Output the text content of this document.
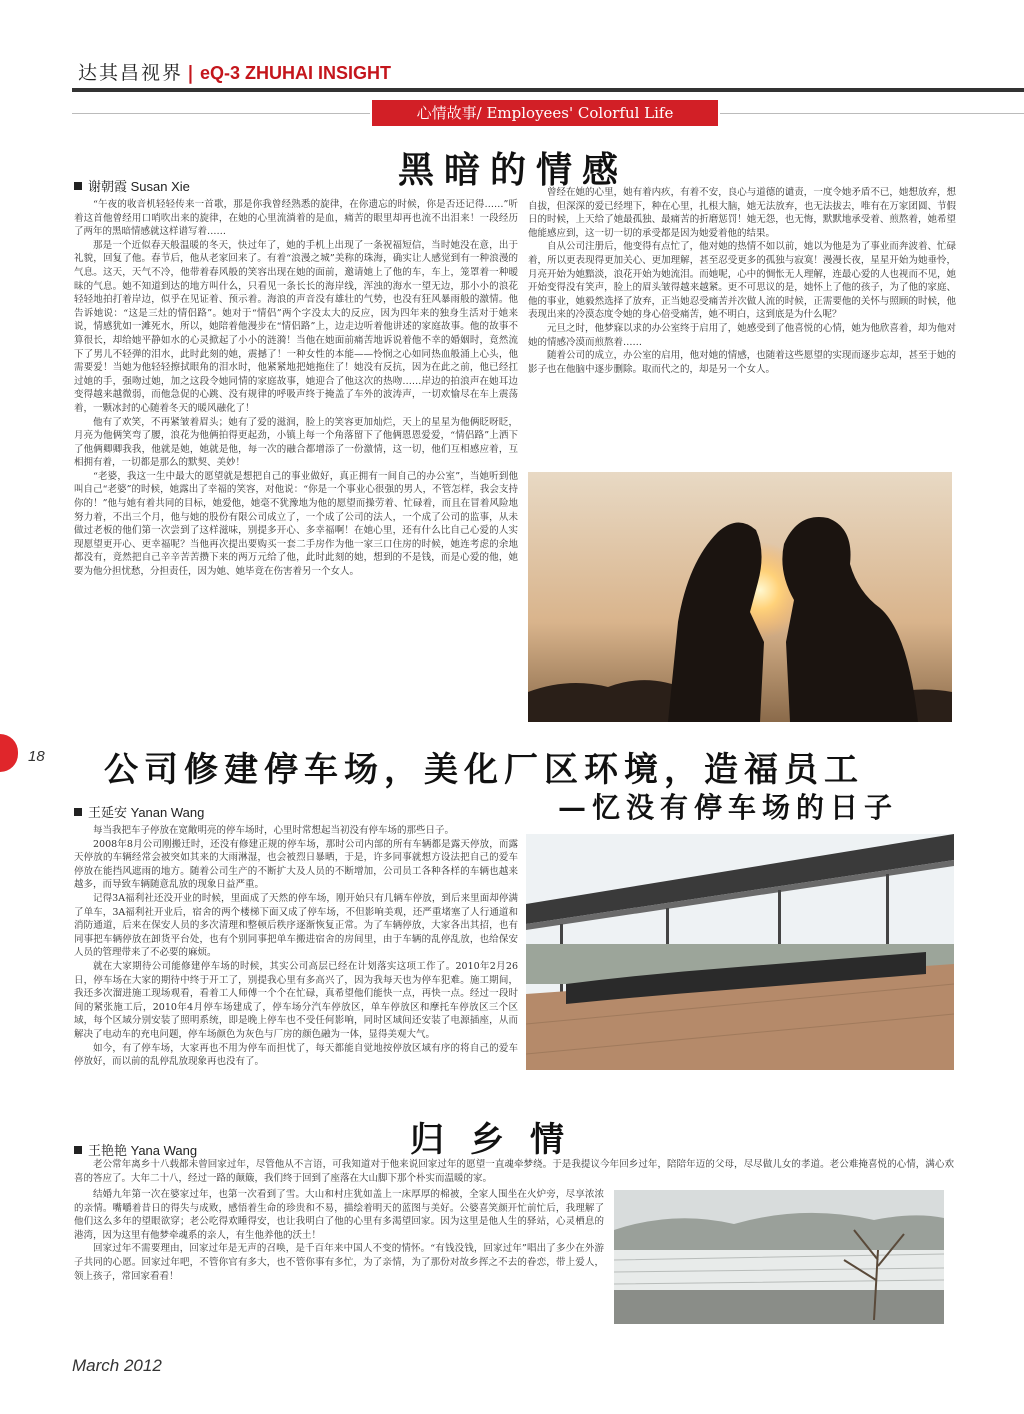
达其昌视界 | eQ-3 ZHUHAI INSIGHT
心情故事/ Employees' Colorful Life
黑暗的情感
谢朝霞 Susan Xie

“午夜的收音机轻轻传来一首歌，那是你我曾经熟悉的旋律，在你遗忘的时候，你是否还记得……”听着这首他曾经用口哨吹出来的旋律，在她的心里流淌着的是血，痛苦的眼里却再也流不出泪来！一段经历了两年的黑暗情感就这样谱写着……

那是一个近似春天般温暖的冬天，快过年了，她的手机上出现了一条祝福短信，当时她没在意，出于礼貌，回复了他。春节后，他从老家回来了。有着“浪漫之城”美称的珠海，确实让人感觉到有一种浪漫的气息。这天，天气不冷，他带着春风般的笑容出现在她的面前，邀请她上了他的车，车上，笼罩着一种暧昧的气息。她不知道到达的地方叫什么，只看见一条长长的海岸线，浑浊的海水一望无边，那小小的浪花轻轻地拍打着岸边，似乎在见证着、预示着。海浪的声音没有雄壮的气势，也没有狂风暴雨般的激情。他告诉她说：“这是三灶的情侣路”。她对于“情侣”两个字没太大的反应，因为四年来的独身生活对于她来说，情感犹如一滩死水，所以，她陪着他漫步在“情侣路”上，边走边听着他讲述的家庭故事。他的故事不算很长，却给她平静如水的心灵掀起了小小的涟漪！当他在她面前痛苦地诉说着他不幸的婚姻时，竟然流下了男儿不轻弹的泪水，此时此刻的她，震撼了！一种女性的本能——怜悯之心如同热血般涌上心头，他需要爱！当她为他轻轻擦拭眼角的泪水时，他紧紧地把她拖住了！她没有反抗，因为在此之前，他已经扛过她的手，强吻过她，加之这段令她同情的家庭故事，她迎合了他这次的热吻……岸边的拍浪声在她耳边变得越来越微弱，而他急促的心跳、没有规律的呼吸声终于掩盖了车外的波涛声，一切欢愉尽在车上震荡着，一颗冰封的心随着冬天的暖风融化了！

他有了欢笑，不再紧皱着眉头；她有了爱的滋润，脸上的笑容更加灿烂，天上的星星为他俩眨呀眨，月亮为他俩笑弯了腰，浪花为他俩拍得更起劲，小镇上每一个角落留下了他俩恩恩爱爱，“情侣路”上洒下了他俩卿卿我我，他就是她，她就是他，每一次的融合都增添了一份激情，这一切，他们互相感应着，互相拥有着，一切都是那么的默契、美妙！

“老婆，我这一生中最大的愿望就是想把自己的事业做好，真正拥有一间自己的办公室”，当她听到他叫自己“老婆”的时候，她露出了幸福的笑容，对他说：“你是一个事业心很强的男人，不管怎样，我会支持你的！”他与她有着共同的目标，她爱他，她毫不犹豫地为他的愿望而操劳着、忙碌着，而且在冒着风险地努力着，不出三个月，他与她的股份有限公司成立了，一个成了公司的法人，一个成了公司的监事，从未做过老板的他们第一次尝到了这样滋味，别提多开心、多幸福啊！在她心里，还有什么比自己心爱的人实现愿望更开心、更幸福呢？当他再次提出要购买一套二手房作为他一家三口住房的时候，她连考虑的余地都没有，竟然把自己辛辛苦苦攒下来的两万元给了他，此时此刻的她，想到的不是钱，而是心爱的他，她要为他分担忧愁，分担责任，因为她、她毕竟在伤害着另一个女人。

曾经在她的心里，她有着内疚，有着不安，良心与道德的谴责，一度令她矛盾不已，她想放弃，想自拔，但深深的爱已经埋下，种在心里，扎根大脑，她无法放弃，也无法拔去，唯有在万家团圆、节假日的时候，上天给了她最孤独、最痛苦的折磨惩罚！她无怨，也无悔，默默地承受着、煎熬着，她希望他能感应到，这一切一切的承受都是因为她爱着他的结果。

自从公司注册后，他变得有点忙了，他对她的热情不如以前，她以为他是为了事业而奔波着、忙碌着，所以更表现得更加关心、更加理解，甚至忍受更多的孤独与寂寞！漫漫长夜，星星开始为她垂怜，月亮开始为她黯淡，浪花开始为她流泪。而她呢，心中的惆怅无人理解，连最心爱的人也视而不见，她开始变得没有笑声，脸上的眉头皱得越来越紧。更不可思议的是，她怀上了他的孩子，为了他的家庭、他的事业，她毅然选择了放弃，正当她忍受痛苦并次做人流的时候，正需要他的关怀与照顾的时候，他表现出来的冷漠态度令她的身心倍受痛苦，她不明白，这到底是为什么呢？

元旦之时，他梦寐以求的办公室终于启用了，她感受到了他喜悦的心情，她为他欣喜着，却为他对她的情感冷漠而煎熬着……

随着公司的成立，办公室的启用，他对她的情感，也随着这些愿望的实现而逐步忘却，甚至于她的影子也在他脑中逐步删除。取而代之的，却是另一个女人。

18 公司修建停车场，美化厂区环境，造福员工
—忆没有停车场的日子
王延安 Yanan Wang

每当我把车子停放在宽敞明亮的停车场时，心里时常想起当初没有停车场的那些日子。

2008年8月公司刚搬迁时，还没有修建正规的停车场，那时公司内部的所有车辆都是露天停放，而露天停放的车辆经常会被突如其来的大雨淋湿，也会被烈日暴晒，于是，许多同事就想方设法把自己的爱车停放在能挡风遮雨的地方。随着公司生产的不断扩大及人员的不断增加，公司员工各种各样的车辆也越来越多，而导致车辆随意乱放的现象日益严重。

记得3A福利社还没开业的时候，里面成了天然的停车场，刚开始只有几辆车停放，到后来里面却停满了单车，3A福利社开业后，宿舍的两个楼梯下面又成了停车场，不但影响美观，还严重堵塞了人行通道和消防通道，后来在保安人员的多次清理和整顿后秩序逐渐恢复正常。为了车辆停放，大家各出其招，也有同事把车辆停放在卸货平台处，也有个别同事把单车搬进宿舍的房间里，由于车辆的乱停乱放，也给保安人员的管理带来了不必要的麻烦。

就在大家期待公司能修建停车场的时候，其实公司高层已经在计划落实这项工作了。2010年2月26日，停车场在大家的期待中终于开工了，别提我心里有多高兴了，因为我每天也为停车犯难。施工期间，我还多次溜进施工现场观看，看着工人师傅一个个在忙碌，真希望他们能快一点，再快一点。经过一段时间的紧张施工后，2010年4月停车场建成了，停车场分汽车停放区，单车停放区和摩托车停放区三个区域，每个区域分别安装了照明系统，即是晚上停车也不受任何影响，同时区域间还安装了电源插座，从而解决了电动车的充电问题，停车场颜色为灰色与厂房的颜色融为一体，显得美观大气。

如今，有了停车场，大家再也不用为停车而担忧了，每天都能自觉地按停放区域有序的将自己的爱车停放好，而以前的乱停乱放现象再也没有了。

归乡情
王艳艳 Yana Wang

老公常年离乡十八载都未曾回家过年，尽管他从不言语，可我知道对于他来说回家过年的愿望一直魂牵梦绕。于是我提议今年回乡过年，陪陪年迈的父母，尽尽做儿女的孝道。老公难掩喜悦的心情，满心欢喜的答应了。大年二十八，经过一路的颠簸，我们终于回到了座落在大山脚下那个朴实而温暖的家。

结婚九年第一次在婆家过年，也第一次看到了雪。大山和村庄犹如盖上一床厚厚的棉被，全家人围坐在火炉旁，尽享浓浓的亲情。嘴嚼着昔日的得失与成败，感悟着生命的珍贵和不易，描绘着明天的蓝图与美好。公婆喜笑颜开忙前忙后，我理解了他们这么多年的望眼欲穿；老公吃得欢睡得安，也让我明白了他的心里有多渴望回家。因为这里是他人生的驿站，心灵栖息的港湾，因为这里有他梦牵魂系的亲人，有生他养他的沃土！

回家过年不需要理由，回家过年是无声的召唤，是千百年来中国人不变的情怀。“有钱没钱，回家过年”唱出了多少在外游子共同的心愿。回家过年吧，不管你官有多大，也不管你事有多忙，为了亲情，为了那份对故乡挥之不去的眷恋，带上爱人，领上孩子，常回家看看！

March 2012
